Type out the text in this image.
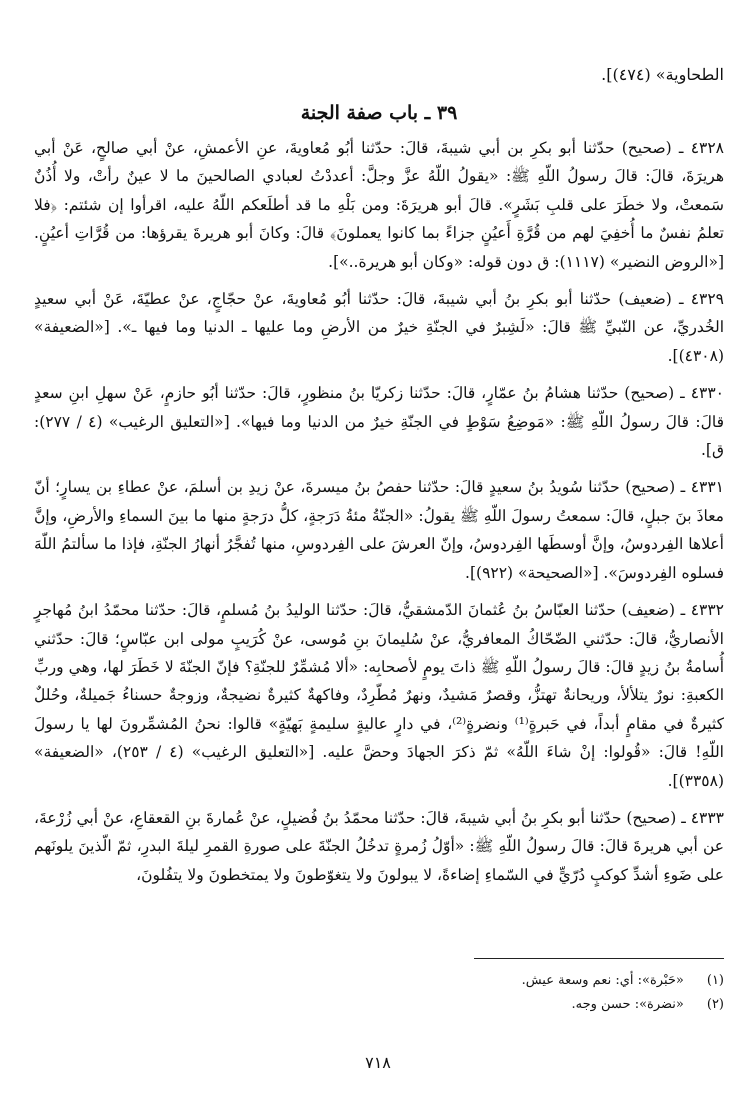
الطحاوية» (٤٧٤)].

٣٩ ـ باب صفة الجنة

٤٣٢٨ ـ (صحيح) حدّثنا أبو بكرِ بن أبي شيبةَ، قالَ: حدّثنا أبُو مُعاويةَ، عنِ الأعمشِ، عنْ أبي صالحٍ، عَنْ أبي هريرَةَ، قالَ: قالَ رسولُ اللّهِ ﷺ: «يقولُ اللّهُ عزَّ وجلَّ: أعددْتُ لعبادي الصالحينَ ما لا عينٌ رأتْ، ولا أُذُنٌ سَمعتْ، ولا خطَرَ على قلبِ بَشَرٍ». قالَ أبو هريرَةَ: ومن بَلْهِ ما قد أطلَعكم اللّهُ عليه، اقرأوا إن شئتم: ﴿فلا تعلمُ نفسٌ ما أُخفِيَ لهم من قُرَّةِ أَعيُنٍ جزاءً بما كانوا يعملونَ﴾ قالَ: وكانَ أبو هريرةَ يقرؤها: من قُرَّاتِ أعيُنٍ. [«الروض النضير» (١١١٧): ق دون قوله: «وكان أبو هريرة..»].

٤٣٢٩ ـ (ضعيف) حدّثنا أبو بكرِ بنُ أبي شيبةَ، قالَ: حدّثنا أبُو مُعاويةَ، عنْ حجّاجٍ، عنْ عطيّةَ، عَنْ أبي سعيدٍ الخُدريِّ، عن النّبيِّ ﷺ قالَ: «لَشِبرٌ في الجنّةِ خيرٌ من الأرضِ وما عليها ـ الدنيا وما فيها ـ». [«الضعيفة» (٤٣٠٨)].

٤٣٣٠ ـ (صحيح) حدّثنا هشامُ بنُ عمّارٍ، قالَ: حدّثنا زكريّا بنُ منظورٍ، قالَ: حدّثنا أبُو حازمٍ، عَنْ سهلِ ابنِ سعدٍ قالَ: قالَ رسولُ اللّهِ ﷺ: «مَوضِعُ سَوْطٍ في الجنّةِ خيرٌ من الدنيا وما فيها». [«التعليق الرغيب» (٤ / ٢٧٧): ق].

٤٣٣١ ـ (صحيح) حدّثنا سُويدُ بنُ سعيدٍ قالَ: حدّثنا حفصُ بنُ ميسرةَ، عنْ زيدِ بن أسلمَ، عنْ عطاءِ بن يسارٍ؛ أنّ معاذَ بنَ جبلٍ، قالَ: سمعتُ رسولَ اللّهِ ﷺ يقولُ: «الجنّةُ مئةُ دَرَجةٍ، كلُّ درَجةٍ منها ما بينَ السماءِ والأرضِ، وإنَّ أعلاها الفِردوسُ، وإنَّ أوسطَها الفِردوسُ، وإنّ العرشَ على الفِردوسِ، منها تُفجَّرُ أنهارُ الجنّةِ، فإذا ما سألتمُ اللّهَ فسلوه الفِردوسَ». [«الصحيحة» (٩٢٢)].

٤٣٣٢ ـ (ضعيف) حدّثنا العبّاسُ بنُ عُثمانَ الدّمشقيُّ، قالَ: حدّثنا الوليدُ بنُ مُسلمٍ، قالَ: حدّثنا محمّدُ ابنُ مُهاجرٍ الأنصاريُّ، قالَ: حدّثني الضّحّاكُ المعافريُّ، عنْ سُليمانَ بنِ مُوسى، عنْ كُرَيبٍ مولى ابن عبّاسٍ؛ قالَ: حدّثني أُسامةُ بنُ زيدٍ قالَ: قالَ رسولُ اللّهِ ﷺ ذاتَ يومٍ لأصحابِه: «ألا مُشمِّرٌ للجنّةِ؟ فإنّ الجنّةَ لا خَطَرَ لها، وهي وربِّ الكعبةِ: نورٌ يتلألأ، وريحانةٌ تهتزُّ، وقصرٌ مَشيدٌ، ونهرٌ مُطّرِدٌ، وفاكهةٌ كثيرةٌ نضيجةٌ، وزوجةٌ حسناءُ جَميلةٌ، وحُللٌ كثيرةٌ في مقامٍ أبداً، في حَبرةٍ⁽¹⁾ ونضرةٍ⁽²⁾، في دارٍ عاليةٍ سليمةٍ بَهيّةٍ» قالوا: نحنُ المُشمِّرونَ لها يا رسولَ اللّهِ! قالَ: «قُولوا: إنْ شاءَ اللّهُ» ثمّ ذكرَ الجهادَ وحضَّ عليه. [«التعليق الرغيب» (٤ / ٢٥٣)، «الضعيفة» (٣٣٥٨)].

٤٣٣٣ ـ (صحيح) حدّثنا أبو بكرِ بنُ أبي شيبةَ، قالَ: حدّثنا محمّدُ بنُ فُضيلٍ، عنْ عُمارةَ بنِ القعقاعِ، عنْ أبي زُرْعةَ، عن أبي هريرةَ قالَ: قالَ رسولُ اللّهِ ﷺ: «أوّلُ زُمرةٍ تدخُلُ الجنّةَ على صورةِ القمرِ ليلةَ البدرِ، ثمّ الّذينَ يلونَهم على ضَوءِ أشدِّ كوكبٍ دُرّيٍّ في السّماءِ إضاءةً، لا يبولونَ ولا يتغوّطونَ ولا يمتخطونَ ولا يتفُلونَ،

(١) «حَبْرة»: أي: نعم وسعة عيش.
(٢) «نضرة»: حسن وجه.
٧١٨
